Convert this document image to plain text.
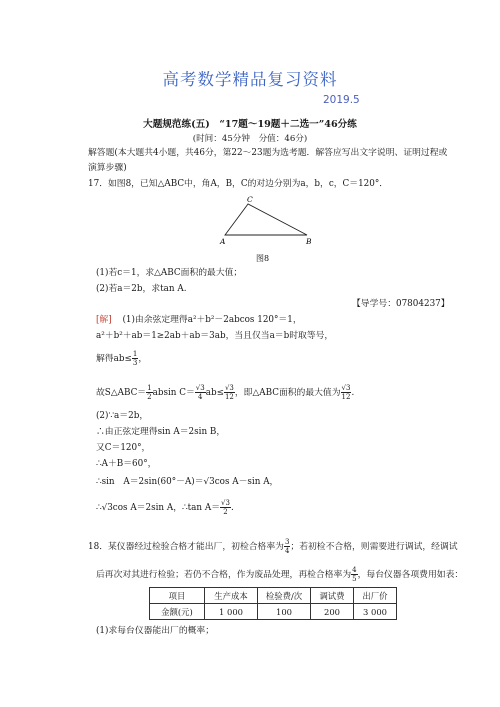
高考数学精品复习资料
2019.5
大题规范练(五)　“17题～19题＋二选一”46分练
(时间：45分钟　分值：46分)
解答题(本大题共4小题，共46分，第22～23题为选考题．解答应写出文字说明、证明过程或
演算步骤)
17．如图8，已知△ABC中，角A，B，C的对边分别为a，b，c，C＝120°．
C
A	B
图8
(1)若c＝1，求△ABC面积的最大值；
(2)若a＝2b，求tan A.
【导学号：07804237】
[解] (1)由余弦定理得a²＋b²－2abcos 120°＝1，
a²＋b²＋ab＝1≥2ab＋ab＝3ab，当且仅当a＝b时取等号，
解得$ab\le \frac{1}{3}$ ，
故S△ABC＝ $\frac{1}{2}$ absin $C= \frac{√3}{4} ab\le \frac{√3}{12}$ ，即△ABC面积的最大值为 $\frac{√3}{12}$ .
(2)∵a＝2b，
∴由正弦定理得sin A＝2sin B，
又C＝120°，
∴A＋B＝60°，
∴sin　A＝2sin(60°－A)＝√3cos A－sin A，
∴√3cos A＝2sin A，∴tan $A= \frac{√3}{2}$ .
18．某仪器经过检验合格才能出厂，初检合格率为 $\frac{3}{4}$ ；若初检不合格，则需要进行调试，经调试
后再次对其进行检验；若仍不合格，作为废品处理，再检合格率为 $\frac{4}{5}$ ，每台仪器各项费用如表：
项目	生产成本	检验费/次	调试费	出厂价
金额(元)	1 000	100	200	3 000
(1)求每台仪器能出厂的概率；
